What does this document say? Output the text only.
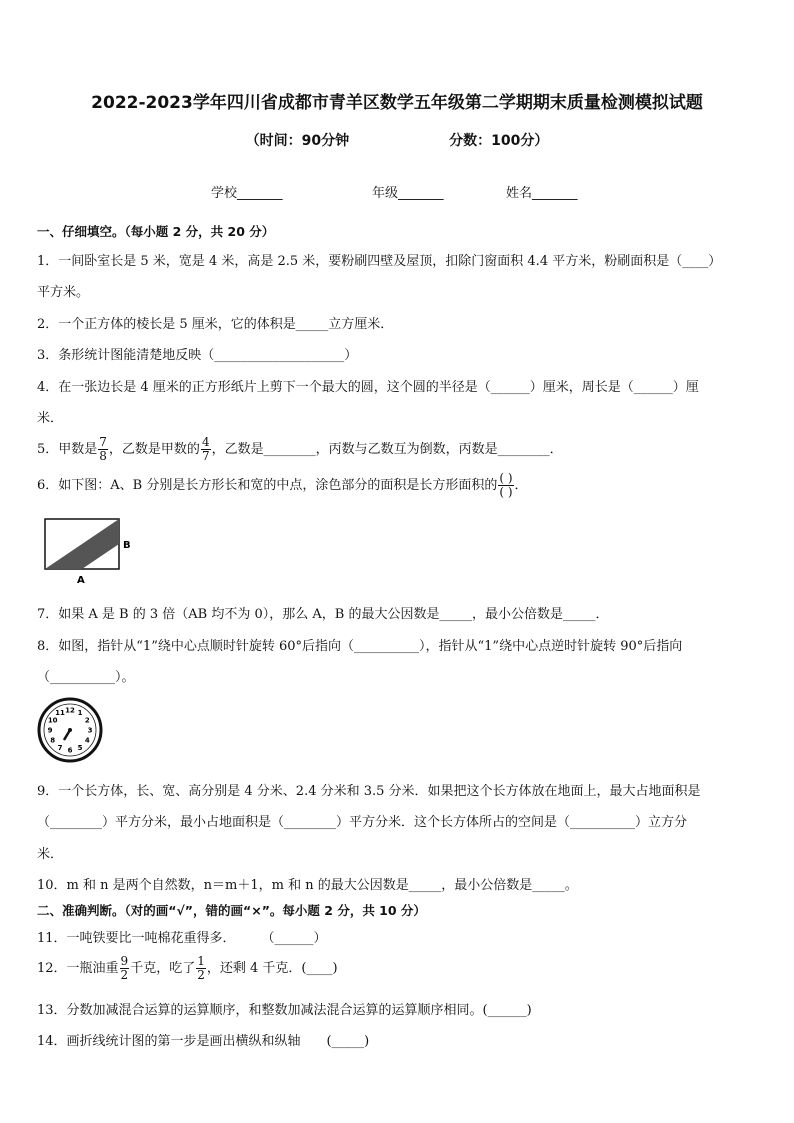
2022-2023学年四川省成都市青羊区数学五年级第二学期期末质量检测模拟试题
（时间：90分钟	分数：100分）
学校_______	年级_______	姓名_______
一、仔细填空。（每小题 2 分，共 20 分）
1．一间卧室长是 5 米，宽是 4 米，高是 2.5 米，要粉刷四壁及屋顶，扣除门窗面积 4.4 平方米，粉刷面积是（____）
平方米。
2．一个正方体的棱长是 5 厘米，它的体积是_____立方厘米．
3．条形统计图能清楚地反映（____________________）
4．在一张边长是 4 厘米的正方形纸片上剪下一个最大的圆，这个圆的半径是（______）厘米，周长是（______）厘
米．
5．甲数是 $\frac{7}{8}$ ，乙数是甲数的 $\frac{4}{7}$ ，乙数是________，丙数与乙数互为倒数，丙数是________．
6．如下图：A、B 分别是长方形长和宽的中点，涂色部分的面积是长方形面积的 $\frac{( )}{( )}$ ．
A
B
7．如果 A 是 B 的 3 倍（AB 均不为 0），那么 A，B 的最大公因数是_____，最小公倍数是_____．
8．如图，指针从“1”绕中心点顺时针旋转 60°后指向（__________），指针从“1”绕中心点逆时针旋转 90°后指向
（__________）。
12 1
2
3
4
5
6
7
8
9
10
11
9．一个长方体，长、宽、高分别是 4 分米、2.4 分米和 3.5 分米．如果把这个长方体放在地面上，最大占地面积是
（________）平方分米，最小占地面积是（________）平方分米．这个长方体所占的空间是（__________）立方分
米．
10．m 和 n 是两个自然数，n＝m＋1，m 和 n 的最大公因数是_____，最小公倍数是_____。
二、准确判断。（对的画“√”，错的画“×”。每小题 2 分，共 10 分）
11．一吨铁要比一吨棉花重得多．　　　（______）
12．一瓶油重 $\frac{9}{2}$ 千克，吃了 $\frac{1}{2}$ ，还剩 4 千克．(____)
13．分数加减混合运算的运算顺序，和整数加减法混合运算的运算顺序相同。(______)
14．画折线统计图的第一步是画出横纵和纵轴　　(_____)
